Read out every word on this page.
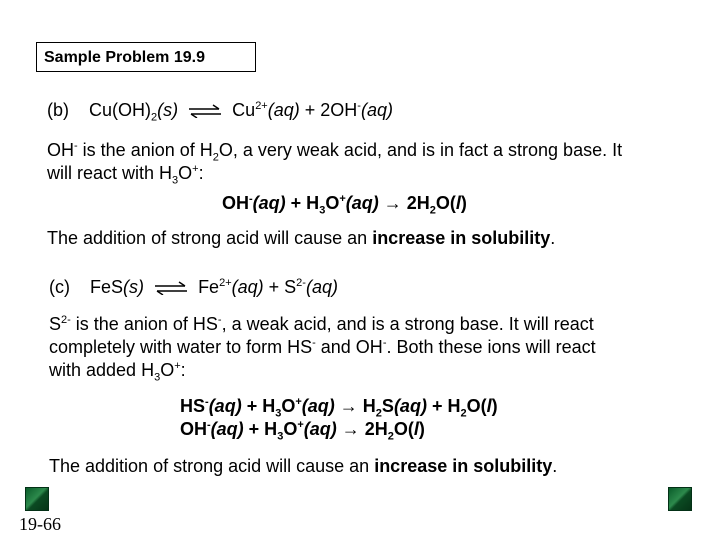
Sample Problem 19.9
(b) $Cu(OH)_2(s)$ ⇌ $Cu^{2+}(aq) + 2OH^-(aq)$
OH- is the anion of $H_2O$, a very weak acid, and is in fact a strong base. It
will react with $H_3O^+$:
$OH^-(aq) + H_3O^+(aq) \to 2H_2O(l)$
The addition of strong acid will cause an increase in solubility.
(c) FeS(s) ⇌ $Fe^{2+}(aq) + S^{2-}(aq)$
$S^{2-}$ is the anion of HS-, a weak acid, and is a strong base. It will react
completely with water to form HS- and OH-. Both these ions will react
with added $H_3O^+$:
$HS^-(aq) + H_3O^+(aq) \to H_2S(aq) + H_2O(l)$
$OH^-(aq) + H_3O^+(aq) \to 2H_2O(l)$
The addition of strong acid will cause an increase in solubility.
19-66
